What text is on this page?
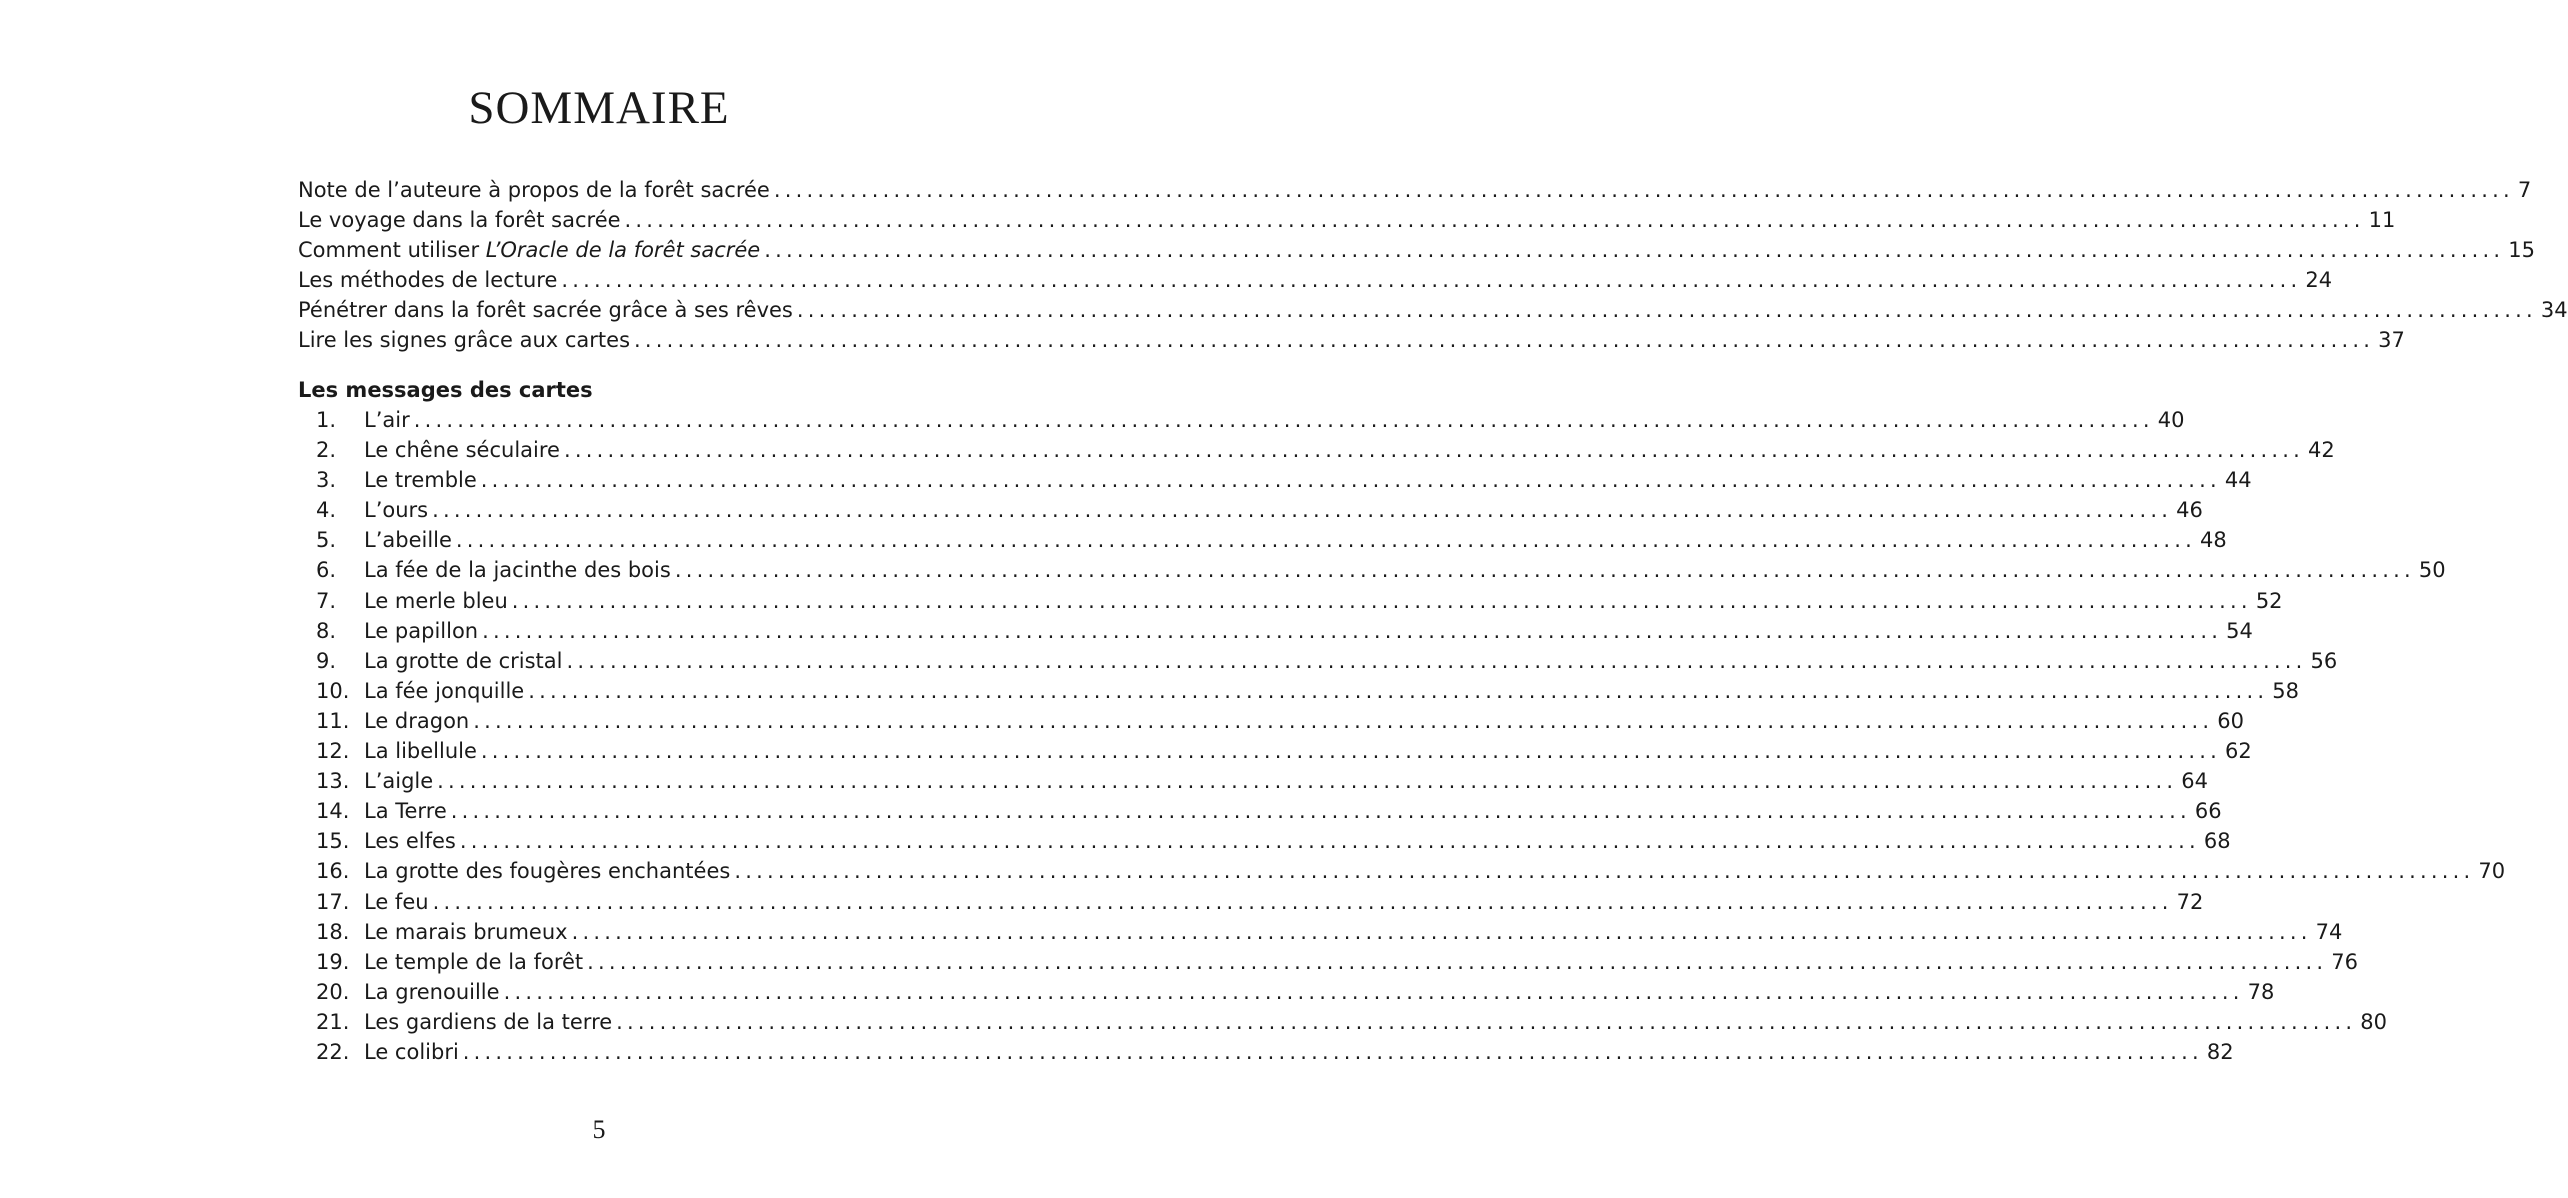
SOMMAIRE
Note de l’auteure à propos de la forêt sacrée ................................................................................................................................................................ 7
Le voyage dans la forêt sacrée ................................................................................................................................................................ 11
Comment utiliser L’Oracle de la forêt sacrée ................................................................................................................................................................ 15
Les méthodes de lecture ................................................................................................................................................................ 24
Pénétrer dans la forêt sacrée grâce à ses rêves ................................................................................................................................................................ 34
Lire les signes grâce aux cartes ................................................................................................................................................................ 37
Les messages des cartes
1.	L’air ................................................................................................................................................................ 40
2.	Le chêne séculaire ................................................................................................................................................................ 42
3.	Le tremble ................................................................................................................................................................ 44
4.	L’ours ................................................................................................................................................................ 46
5.	L’abeille ................................................................................................................................................................ 48
6.	La fée de la jacinthe des bois ................................................................................................................................................................ 50
7.	Le merle bleu ................................................................................................................................................................ 52
8.	Le papillon ................................................................................................................................................................ 54
9.	La grotte de cristal ................................................................................................................................................................ 56
10. La fée jonquille ................................................................................................................................................................ 58
11. Le dragon ................................................................................................................................................................ 60
12. La libellule ................................................................................................................................................................ 62
13. L’aigle ................................................................................................................................................................ 64
14. La Terre ................................................................................................................................................................ 66
15. Les elfes ................................................................................................................................................................ 68
16. La grotte des fougères enchantées ................................................................................................................................................................ 70
17. Le feu ................................................................................................................................................................ 72
18. Le marais brumeux ................................................................................................................................................................ 74
19. Le temple de la forêt ................................................................................................................................................................ 76
20. La grenouille ................................................................................................................................................................ 78
21. Les gardiens de la terre ................................................................................................................................................................ 80
22. Le colibri ................................................................................................................................................................ 82
5
